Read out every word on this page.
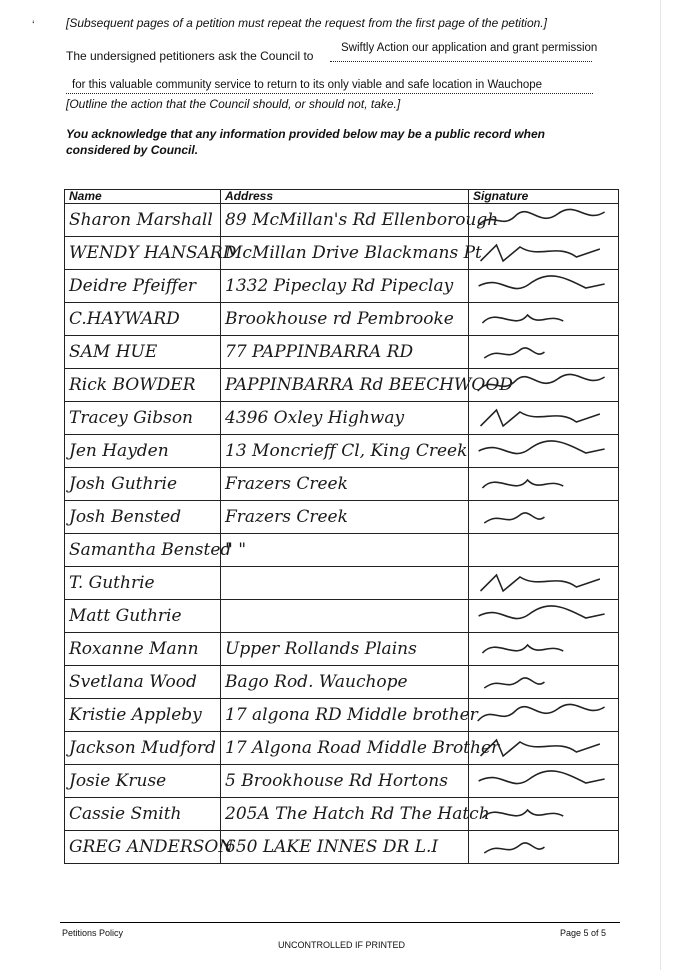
‘	[Subsequent pages of a petition must repeat the request from the first page of the petition.]
The undersigned petitioners ask the Council to
Swiftly Action our application and grant permission
for this valuable community service to return to its only viable and safe location in Wauchope
[Outline the action that the Council should, or should not, take.]
You acknowledge that any information provided below may be a public record when considered by Council.
Name	Address	Signature
Sharon Marshall	89 McMillan's Rd Ellenborough	

WENDY HANSARD	McMillan Drive Blackmans Pt	

Deidre Pfeiffer	1332 Pipeclay Rd Pipeclay	

C.HAYWARD	Brookhouse rd Pembrooke	

SAM HUE	77 PAPPINBARRA RD	

Rick BOWDER	PAPPINBARRA Rd BEECHWOOD	

Tracey Gibson	4396 Oxley Highway	

Jen Hayden	13 Moncrieff Cl, King Creek	

Josh Guthrie	Frazers Creek	

Josh Bensted	Frazers Creek	

Samantha Bensted	" "	
T. Guthrie		

Matt Guthrie		

Roxanne Mann	Upper Rollands Plains	

Svetlana Wood	Bago Rod. Wauchope	

Kristie Appleby	17 algona RD Middle brother	

Jackson Mudford	17 Algona Road Middle Brother	

Josie Kruse	5 Brookhouse Rd Hortons	

Cassie Smith	205A The Hatch Rd The Hatch	

GREG ANDERSON	650 LAKE INNES DR L.I	
Petitions Policy	Page 5 of 5
UNCONTROLLED IF PRINTED
